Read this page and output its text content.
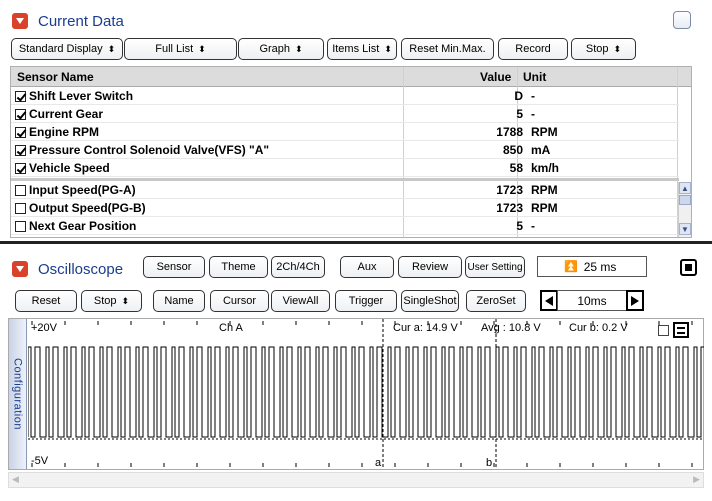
Current Data
Standard Display ⬍	Full List ⬍	Graph ⬍	Items List ⬍ Reset Min.Max.	Record	Stop ⬍
Sensor Name	Value Unit
Shift Lever Switch	D -
Current Gear	5 -
Engine RPM	1788 RPM
Pressure Control Solenoid Valve(VFS) "A"	850 mA
Vehicle Speed	58 km/h
Input Speed(PG-A)	1723 RPM
Output Speed(PG-B)	1723 RPM
Next Gear Position	5 -
▲
▼
Oscilloscope	Sensor	Theme 2Ch/4Ch	Aux	Review User Setting	⏫ 25 ms
Reset	Stop ⬍	Name	Cursor ViewAll	Trigger SingleShot ZeroSet	10ms
Configuration
+20V
-5V
Ch A	Cur a: 14.9 V Avg : 10.8 V	Cur b: 0.2 V
a	b
◀	▶
